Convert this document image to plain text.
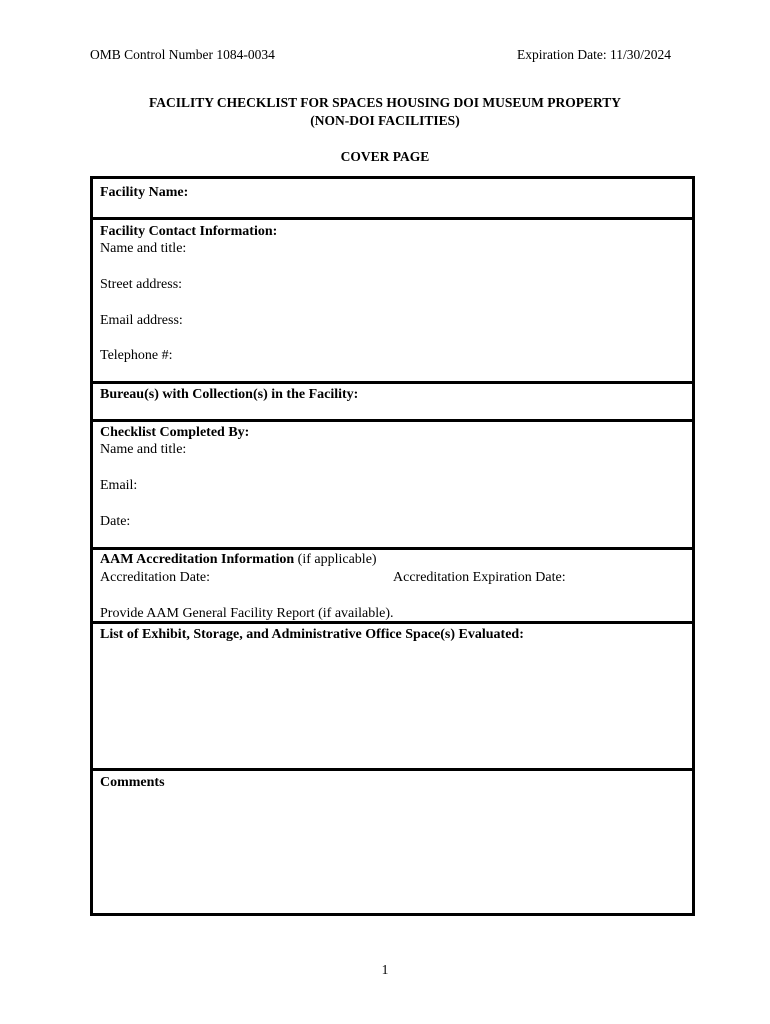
OMB Control Number 1084-0034	Expiration Date: 11/30/2024
FACILITY CHECKLIST FOR SPACES HOUSING DOI MUSEUM PROPERTY
(NON-DOI FACILITIES)
COVER PAGE
Facility Name:
Facility Contact Information:
Name and title:
Street address:
Email address:
Telephone #:
Bureau(s) with Collection(s) in the Facility:
Checklist Completed By:
Name and title:
Email:
Date:
AAM Accreditation Information (if applicable)
Accreditation Date:	Accreditation Expiration Date:
Provide AAM General Facility Report (if available).
List of Exhibit, Storage, and Administrative Office Space(s) Evaluated:
Comments
1
